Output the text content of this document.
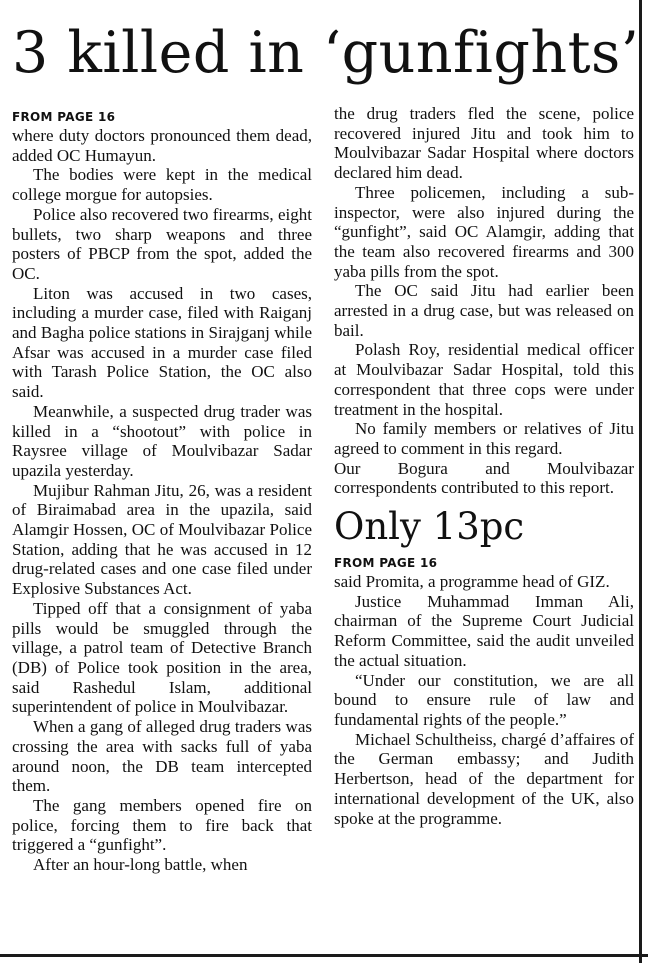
3 killed in ‘gunfights’
FROM PAGE 16

where duty doctors pronounced them dead, added OC Humayun.

The bodies were kept in the medical college morgue for autopsies.

Police also recovered two firearms, eight bullets, two sharp weapons and three posters of PBCP from the spot, added the OC.

Liton was accused in two cases, including a murder case, filed with Raiganj and Bagha police stations in Sirajganj while Afsar was accused in a murder case filed with Tarash Police Station, the OC also said.

Meanwhile, a suspected drug trader was killed in a “shootout” with police in Raysree village of Moulvibazar Sadar upazila yesterday.

Mujibur Rahman Jitu, 26, was a resident of Biraimabad area in the upazila, said Alamgir Hossen, OC of Moulvibazar Police Station, adding that he was accused in 12 drug-related cases and one case filed under Explosive Substances Act.

Tipped off that a consignment of yaba pills would be smuggled through the village, a patrol team of Detective Branch (DB) of Police took position in the area, said Rashedul Islam, additional superintendent of police in Moulvibazar.

When a gang of alleged drug traders was crossing the area with sacks full of yaba around noon, the DB team intercepted them.

The gang members opened fire on police, forcing them to fire back that triggered a “gunfight”.

After an hour-long battle, when

the drug traders fled the scene, police recovered injured Jitu and took him to Moulvibazar Sadar Hospital where doctors declared him dead.

Three policemen, including a sub-inspector, were also injured during the “gunfight”, said OC Alamgir, adding that the team also recovered firearms and 300 yaba pills from the spot.

The OC said Jitu had earlier been arrested in a drug case, but was released on bail.

Polash Roy, residential medical officer at Moulvibazar Sadar Hospital, told this correspondent that three cops were under treatment in the hospital.

No family members or relatives of Jitu agreed to comment in this regard.

Our Bogura and Moulvibazar correspondents contributed to this report.

Only 13pc
FROM PAGE 16

said Promita, a programme head of GIZ.

Justice Muhammad Imman Ali, chairman of the Supreme Court Judicial Reform Committee, said the audit unveiled the actual situation.

“Under our constitution, we are all bound to ensure rule of law and fundamental rights of the people.”

Michael Schultheiss, chargé d’affaires of the German embassy; and Judith Herbertson, head of the department for international development of the UK, also spoke at the programme.
